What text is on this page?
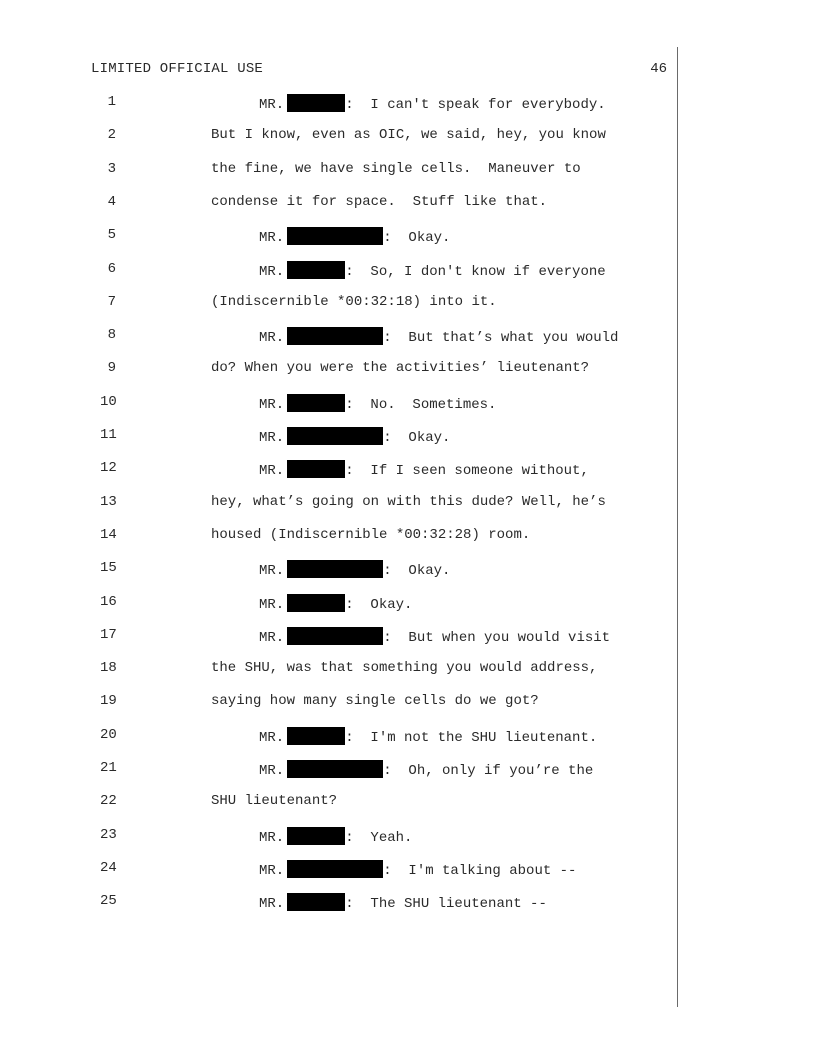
LIMITED OFFICIAL USE	46
1	MR.	:  I can't speak for everybody.
2	But I know, even as OIC, we said, hey, you know
3	the fine, we have single cells.  Maneuver to
4	condense it for space.  Stuff like that.
5	MR.	:  Okay.
6	MR.	:  So, I don't know if everyone
7	(Indiscernible *00:32:18) into it.
8	MR.	:  But that’s what you would
9	do? When you were the activities’ lieutenant?
10	MR.	:  No.  Sometimes.
11	MR.	:  Okay.
12	MR.	:  If I seen someone without,
13	hey, what’s going on with this dude? Well, he’s
14	housed (Indiscernible *00:32:28) room.
15	MR.	:  Okay.
16	MR.	:  Okay.
17	MR.	:  But when you would visit
18	the SHU, was that something you would address,
19	saying how many single cells do we got?
20	MR.	:  I'm not the SHU lieutenant.
21	MR.	:  Oh, only if you’re the
22	SHU lieutenant?
23	MR.	:  Yeah.
24	MR.	:  I'm talking about --
25	MR.	:  The SHU lieutenant --
